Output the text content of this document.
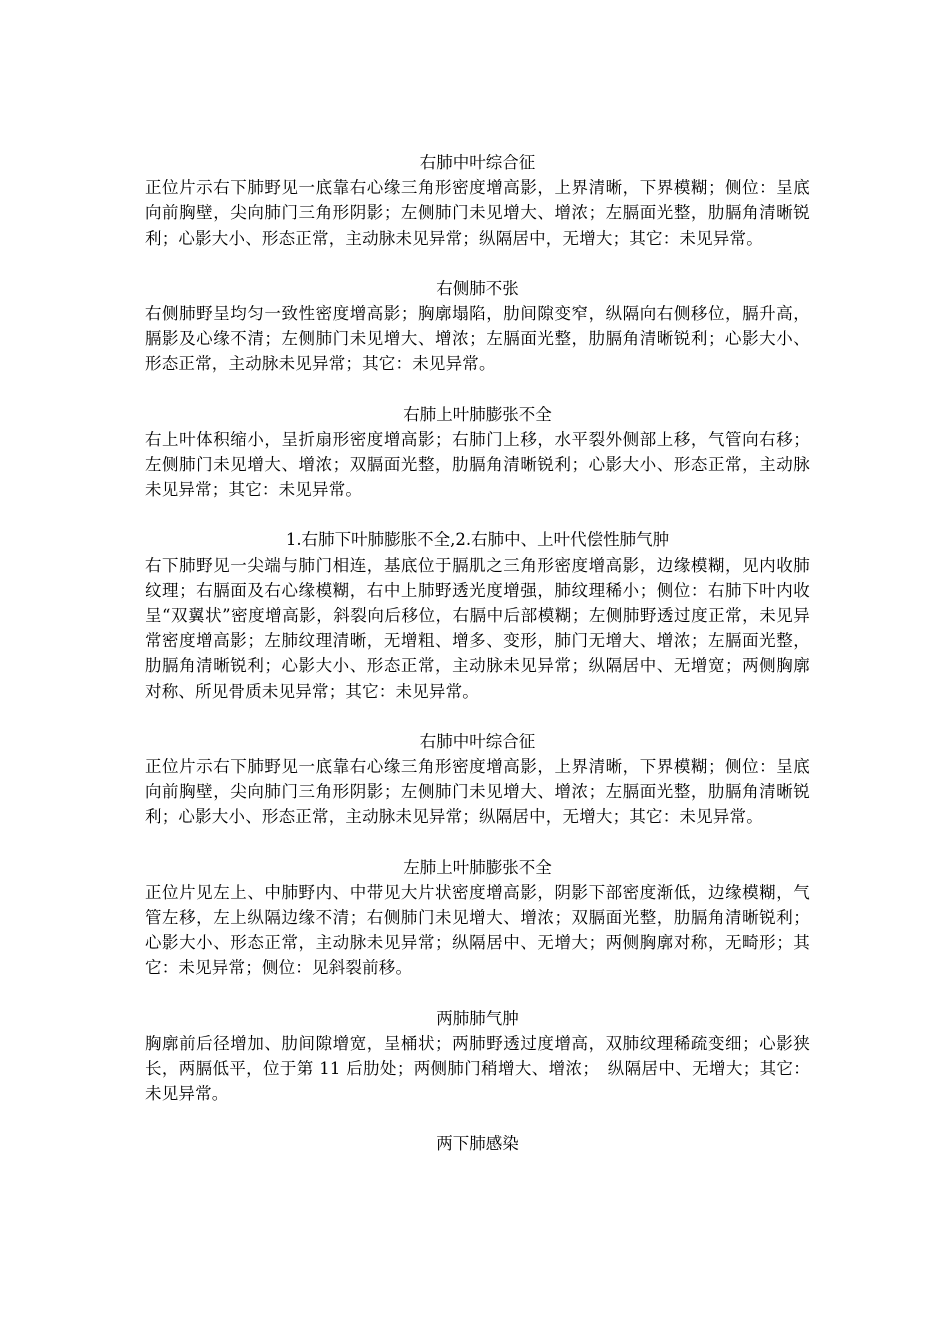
右肺中叶综合征
正位片示右下肺野见一底靠右心缘三角形密度增高影，上界清晰，下界模糊；侧位：呈底向前胸壁，尖向肺门三角形阴影；左侧肺门未见增大、增浓；左膈面光整，肋膈角清晰锐利；心影大小、形态正常，主动脉未见异常；纵隔居中，无增大；其它：未见异常。
右侧肺不张
右侧肺野呈均匀一致性密度增高影；胸廓塌陷，肋间隙变窄，纵隔向右侧移位，膈升高，膈影及心缘不清；左侧肺门未见增大、增浓；左膈面光整，肋膈角清晰锐利；心影大小、形态正常，主动脉未见异常；其它：未见异常。
右肺上叶肺膨张不全
右上叶体积缩小，呈折扇形密度增高影；右肺门上移，水平裂外侧部上移，气管向右移；左侧肺门未见增大、增浓；双膈面光整，肋膈角清晰锐利；心影大小、形态正常，主动脉未见异常；其它：未见异常。
1.右肺下叶肺膨胀不全,2.右肺中、上叶代偿性肺气肿
右下肺野见一尖端与肺门相连，基底位于膈肌之三角形密度增高影，边缘模糊，见内收肺纹理；右膈面及右心缘模糊，右中上肺野透光度增强，肺纹理稀小；侧位：右肺下叶内收呈“双翼状”密度增高影，斜裂向后移位，右膈中后部模糊；左侧肺野透过度正常，未见异常密度增高影；左肺纹理清晰，无增粗、增多、变形，肺门无增大、增浓；左膈面光整，肋膈角清晰锐利；心影大小、形态正常，主动脉未见异常；纵隔居中、无增宽；两侧胸廓对称、所见骨质未见异常；其它：未见异常。
右肺中叶综合征
正位片示右下肺野见一底靠右心缘三角形密度增高影，上界清晰，下界模糊；侧位：呈底向前胸壁，尖向肺门三角形阴影；左侧肺门未见增大、增浓；左膈面光整，肋膈角清晰锐利；心影大小、形态正常，主动脉未见异常；纵隔居中，无增大；其它：未见异常。
左肺上叶肺膨张不全
正位片见左上、中肺野内、中带见大片状密度增高影，阴影下部密度渐低，边缘模糊，气管左移，左上纵隔边缘不清；右侧肺门未见增大、增浓；双膈面光整，肋膈角清晰锐利；心影大小、形态正常，主动脉未见异常；纵隔居中、无增大；两侧胸廓对称，无畸形；其它：未见异常；侧位：见斜裂前移。
两肺肺气肿
胸廓前后径增加、肋间隙增宽，呈桶状；两肺野透过度增高，双肺纹理稀疏变细；心影狭长，两膈低平，位于第 11 后肋处；两侧肺门稍增大、增浓；　纵隔居中、无增大；其它：未见异常。
两下肺感染
